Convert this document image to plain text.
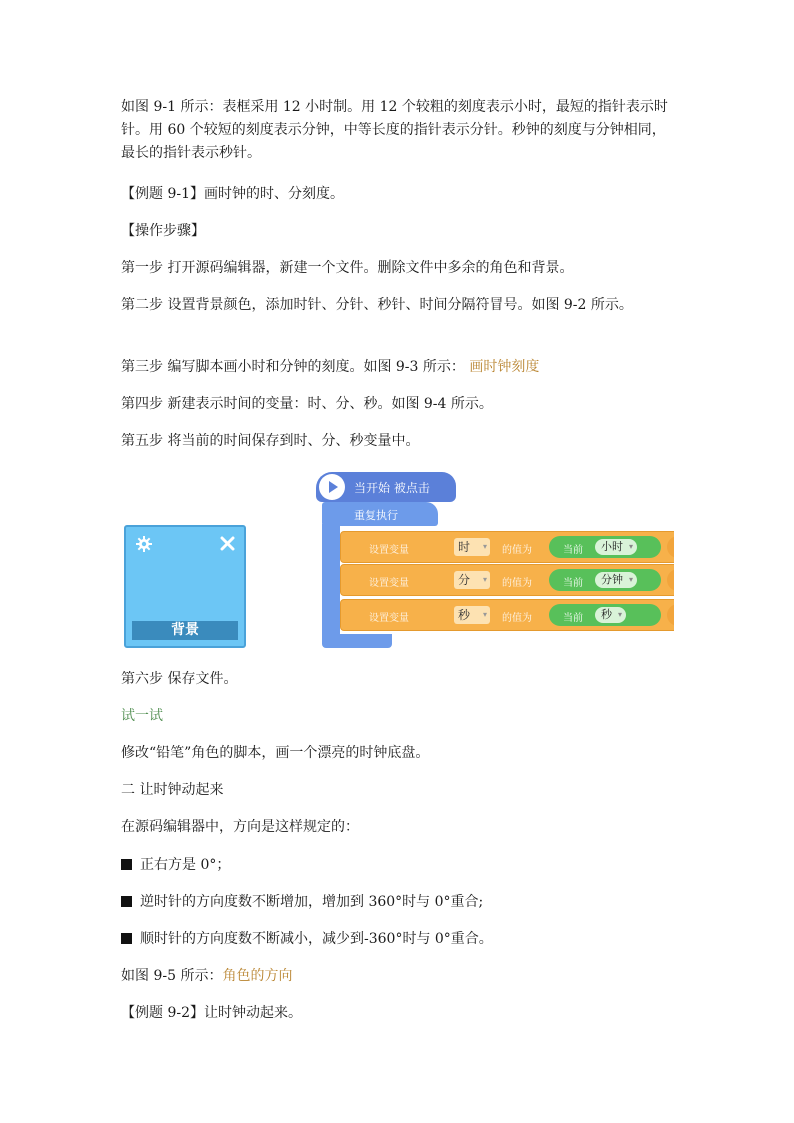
如图 9-1 所示：表框采用 12 小时制。用 12 个较粗的刻度表示小时，最短的指针表示时针。用 60 个较短的刻度表示分钟，中等长度的指针表示分针。秒钟的刻度与分钟相同，最长的指针表示秒针。

【例题 9-1】画时钟的时、分刻度。

【操作步骤】

第一步 打开源码编辑器，新建一个文件。删除文件中多余的角色和背景。

第二步 设置背景颜色，添加时针、分针、秒针、时间分隔符冒号。如图 9-2 所示。

第三步 编写脚本画小时和分钟的刻度。如图 9-3 所示： 画时钟刻度

第四步 新建表示时间的变量：时、分、秒。如图 9-4 所示。

第五步 将当前的时间保存到时、分、秒变量中。

背景
重复执行
当开始 被点击
设置变量	时 ▾	的值为	当前	小时 ▾
设置变量	分 ▾	的值为	当前	分钟 ▾
设置变量	秒 ▾	的值为	当前	秒 ▾

第六步 保存文件。

试一试

修改“铅笔”角色的脚本，画一个漂亮的时钟底盘。

二 让时钟动起来

在源码编辑器中，方向是这样规定的：

正右方是 0°；

逆时针的方向度数不断增加，增加到 360°时与 0°重合;

顺时针的方向度数不断减小，减少到-360°时与 0°重合。

如图 9-5 所示：角色的方向

【例题 9-2】让时钟动起来。
